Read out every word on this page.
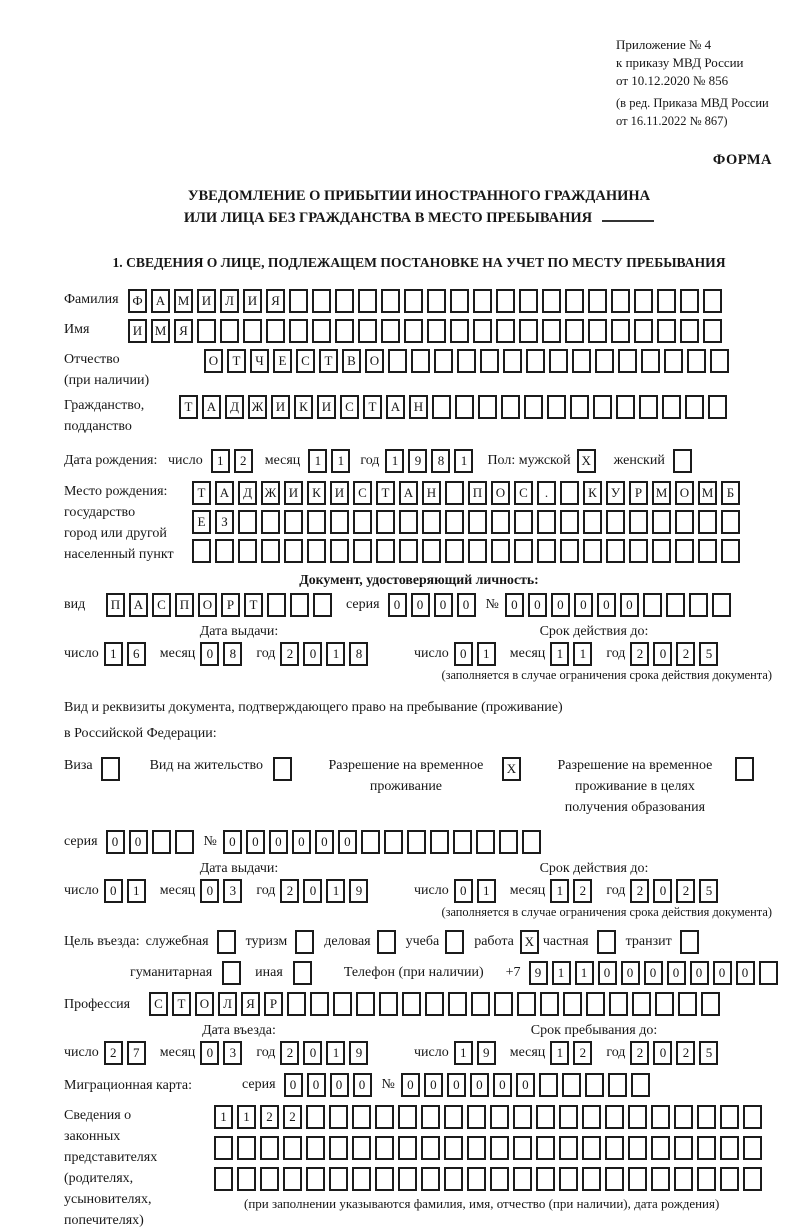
Приложение № 4
к приказу МВД России
от 10.12.2020 № 856
(в ред. Приказа МВД России
от 16.11.2022 № 867)
ФОРМА
УВЕДОМЛЕНИЕ О ПРИБЫТИИ ИНОСТРАННОГО ГРАЖДАНИНА
ИЛИ ЛИЦА БЕЗ ГРАЖДАНСТВА В МЕСТО ПРЕБЫВАНИЯ
1. СВЕДЕНИЯ О ЛИЦЕ, ПОДЛЕЖАЩЕМ ПОСТАНОВКЕ НА УЧЕТ ПО МЕСТУ ПРЕБЫВАНИЯ
Фамилия	Ф	А М И	Л	И	Я
Имя	И М Я
Отчество
(при наличии)
О	Т	Ч	Е	С	Т	В	О
Гражданство,
подданство
Т	А	Д Ж И	К	И	С	Т	А	Н
Дата рождения: число	1	2	месяц	1	1	год 1	9	8	1	Пол: мужской X	женский
Место рождения:
государство
город или другой
населенный пункт
Т	А	Д Ж И	К	И	С	Т	А	Н	П	О	С	.	К	У	Р	М О М	Б
Е	З
Документ, удостоверяющий личность:
вид	П	А	С	П	О	Р	Т	серия	0	0	0	0	№ 0	0	0	0	0	0
Дата выдачи:	Срок действия до:
число 1	6	месяц 0	8	год 2	0	1	8	число 0	1	месяц 1	1	год 2	0	2	5
(заполняется в случае ограничения срока действия документа)
Вид и реквизиты документа, подтверждающего право на пребывание (проживание)
в Российской Федерации:
Виза	Вид на жительство	Разрешение на временное проживание
X	Разрешение на временное проживание в целях получения образования
серия	0	0	№ 0	0	0	0	0	0
Дата выдачи:	Срок действия до:
число 0	1	месяц 0	3	год 2	0	1	9	число 0	1	месяц 1	2	год 2	0	2	5
(заполняется в случае ограничения срока действия документа)
Цель въезда: служебная	туризм	деловая	учеба	работа X частная	транзит
гуманитарная	иная	Телефон (при наличии) +7	9	1	1	0	0	0	0	0	0	0
Профессия	С	Т	О	Л	Я	Р
Дата въезда:	Срок пребывания до:
число 2	7	месяц 0	3	год 2	0	1	9	число 1	9	месяц 1	2	год 2	0	2	5
Миграционная карта:	серия	0	0	0	0	№ 0	0	0	0	0	0
Сведения о
законных
представителях
(родителях,
усыновителях,
попечителях)
1	1	2	2
(при заполнении указываются фамилия, имя, отчество (при наличии), дата рождения)
